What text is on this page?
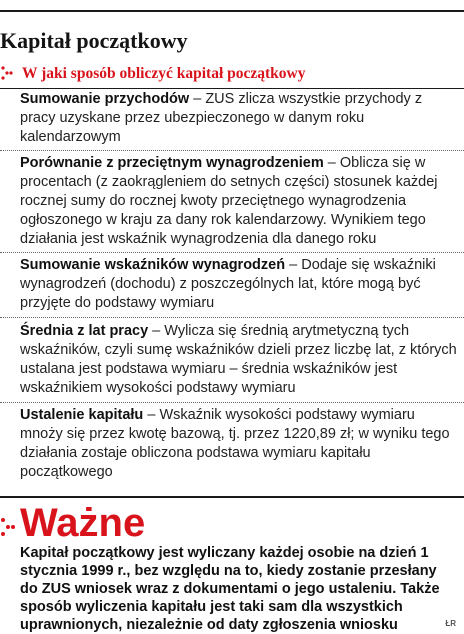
Kapitał początkowy
W jaki sposób obliczyć kapitał początkowy

Sumowanie przychodów – ZUS zlicza wszystkie przychody z pracy uzyskane przez ubezpieczonego w danym roku kalendarzowym

Porównanie z przeciętnym wynagrodzeniem – Oblicza się w procentach (z zaokrągleniem do setnych części) stosunek każdej rocznej sumy do rocznej kwoty przeciętnego wynagrodzenia ogłoszonego w kraju za dany rok kalendarzowy. Wynikiem tego działania jest wskaźnik wynagrodzenia dla danego roku

Sumowanie wskaźników wynagrodzeń – Dodaje się wskaźniki wynagrodzeń (dochodu) z poszczególnych lat, które mogą być przyjęte do podstawy wymiaru

Średnia z lat pracy – Wylicza się średnią arytmetyczną tych wskaźników, czyli sumę wskaźników dzieli przez liczbę lat, z których ustalana jest podstawa wymiaru – średnia wskaźników jest wskaźnikiem wysokości podstawy wymiaru

Ustalenie kapitału – Wskaźnik wysokości podstawy wymiaru mnoży się przez kwotę bazową, tj. przez 1220,89 zł; w wyniku tego działania zostaje obliczona podstawa wymiaru kapitału początkowego

Ważne

Kapitał początkowy jest wyliczany każdej osobie na dzień 1 stycznia 1999 r., bez względu na to, kiedy zostanie przesłany do ZUS wniosek wraz z dokumentami o jego ustaleniu. Także sposób wyliczenia kapitału jest taki sam dla wszystkich uprawnionych, niezależnie od daty zgłoszenia wniosku	ŁR
